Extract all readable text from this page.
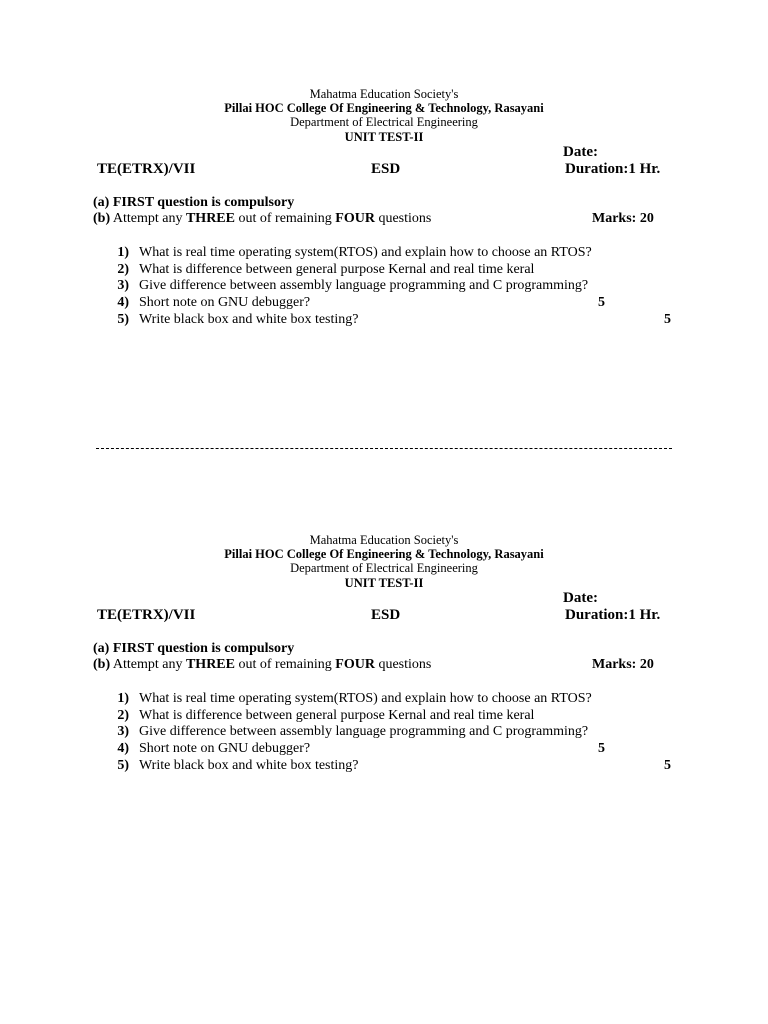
Mahatma Education Society's
Pillai HOC College Of Engineering & Technology, Rasayani
Department of Electrical Engineering
UNIT TEST-II
Date:
TE(ETRX)/VII	ESD	Duration:1 Hr.
(a) FIRST question is compulsory
(b) Attempt any THREE out of remaining FOUR questions	Marks: 20
1) What is real time operating system(RTOS) and explain how to choose an RTOS?
2) What is difference between general purpose Kernal and real time keral
3) Give difference between assembly language programming and C programming?
4) Short note on GNU debugger?	5
5) Write black box and white box testing?	5
Mahatma Education Society's
Pillai HOC College Of Engineering & Technology, Rasayani
Department of Electrical Engineering
UNIT TEST-II
Date:
TE(ETRX)/VII	ESD	Duration:1 Hr.
(a) FIRST question is compulsory
(b) Attempt any THREE out of remaining FOUR questions	Marks: 20
1) What is real time operating system(RTOS) and explain how to choose an RTOS?
2) What is difference between general purpose Kernal and real time keral
3) Give difference between assembly language programming and C programming?
4) Short note on GNU debugger?	5
5) Write black box and white box testing?	5
